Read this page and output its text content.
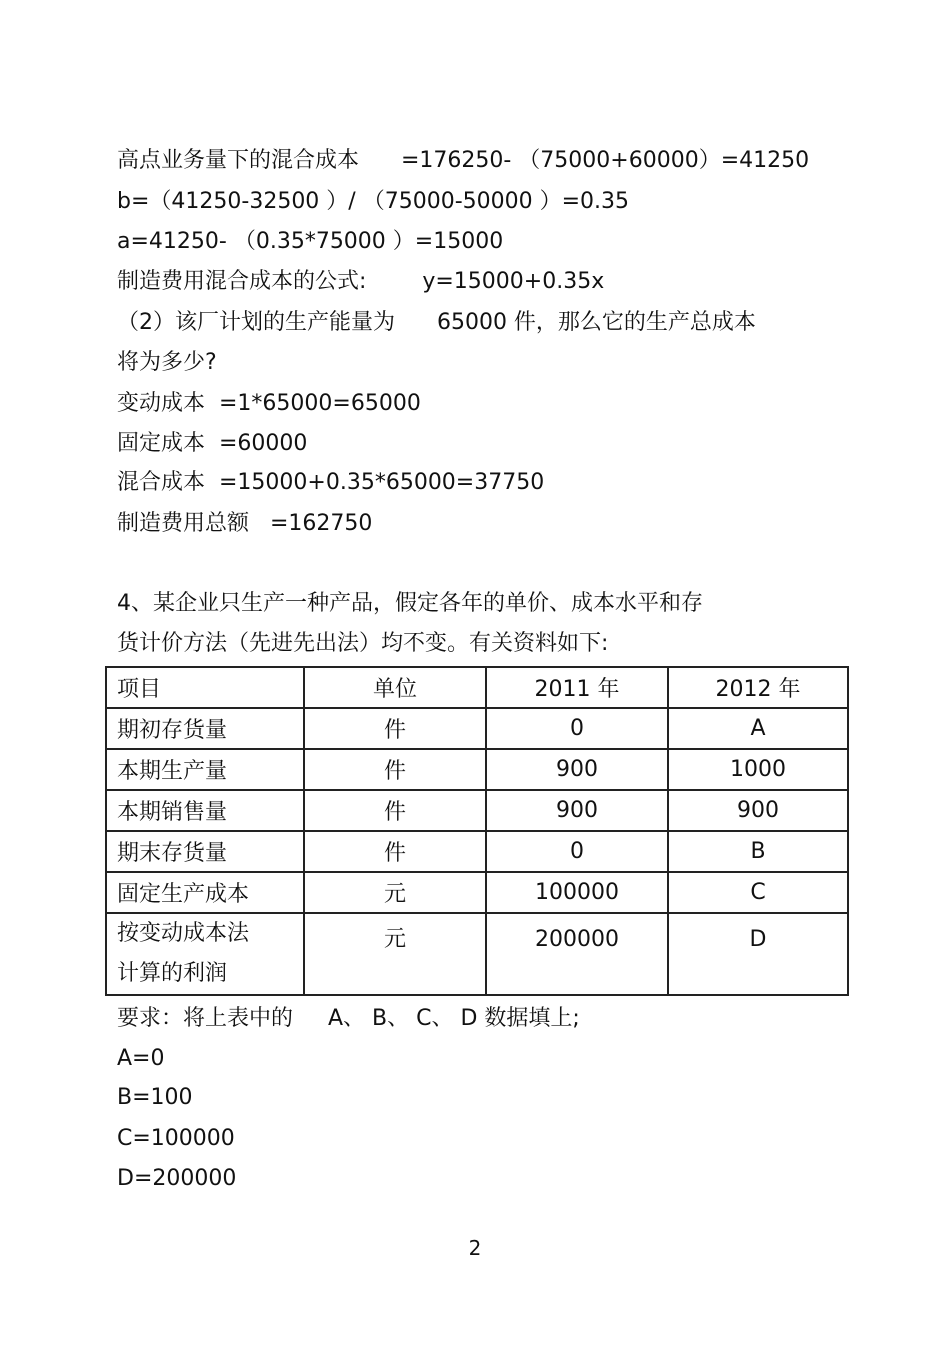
高点业务量下的混合成本      =176250- （75000+60000）=41250
b=（41250-32500 ）/ （75000-50000 ）=0.35
a=41250- （0.35*75000 ）=15000
制造费用混合成本的公式:        y=15000+0.35x
（2）该厂计划的生产能量为      65000 件，那么它的生产总成本
将为多少?
变动成本  =1*65000=65000
固定成本  =60000
混合成本  =15000+0.35*65000=37750
制造费用总额   =162750
4、某企业只生产一种产品，假定各年的单价、成本水平和存
货计价方法（先进先出法）均不变。有关资料如下:
项目	单位	2011 年	2012 年
期初存货量	件	0	A
本期生产量	件	900	1000
本期销售量	件	900	900
期末存货量	件	0	B
固定生产成本	元	100000	C

按变动成本法
计算的利润	元	200000	D
要求：将上表中的     A、 B、 C、 D 数据填上;
A=0
B=100
C=100000
D=200000
2
